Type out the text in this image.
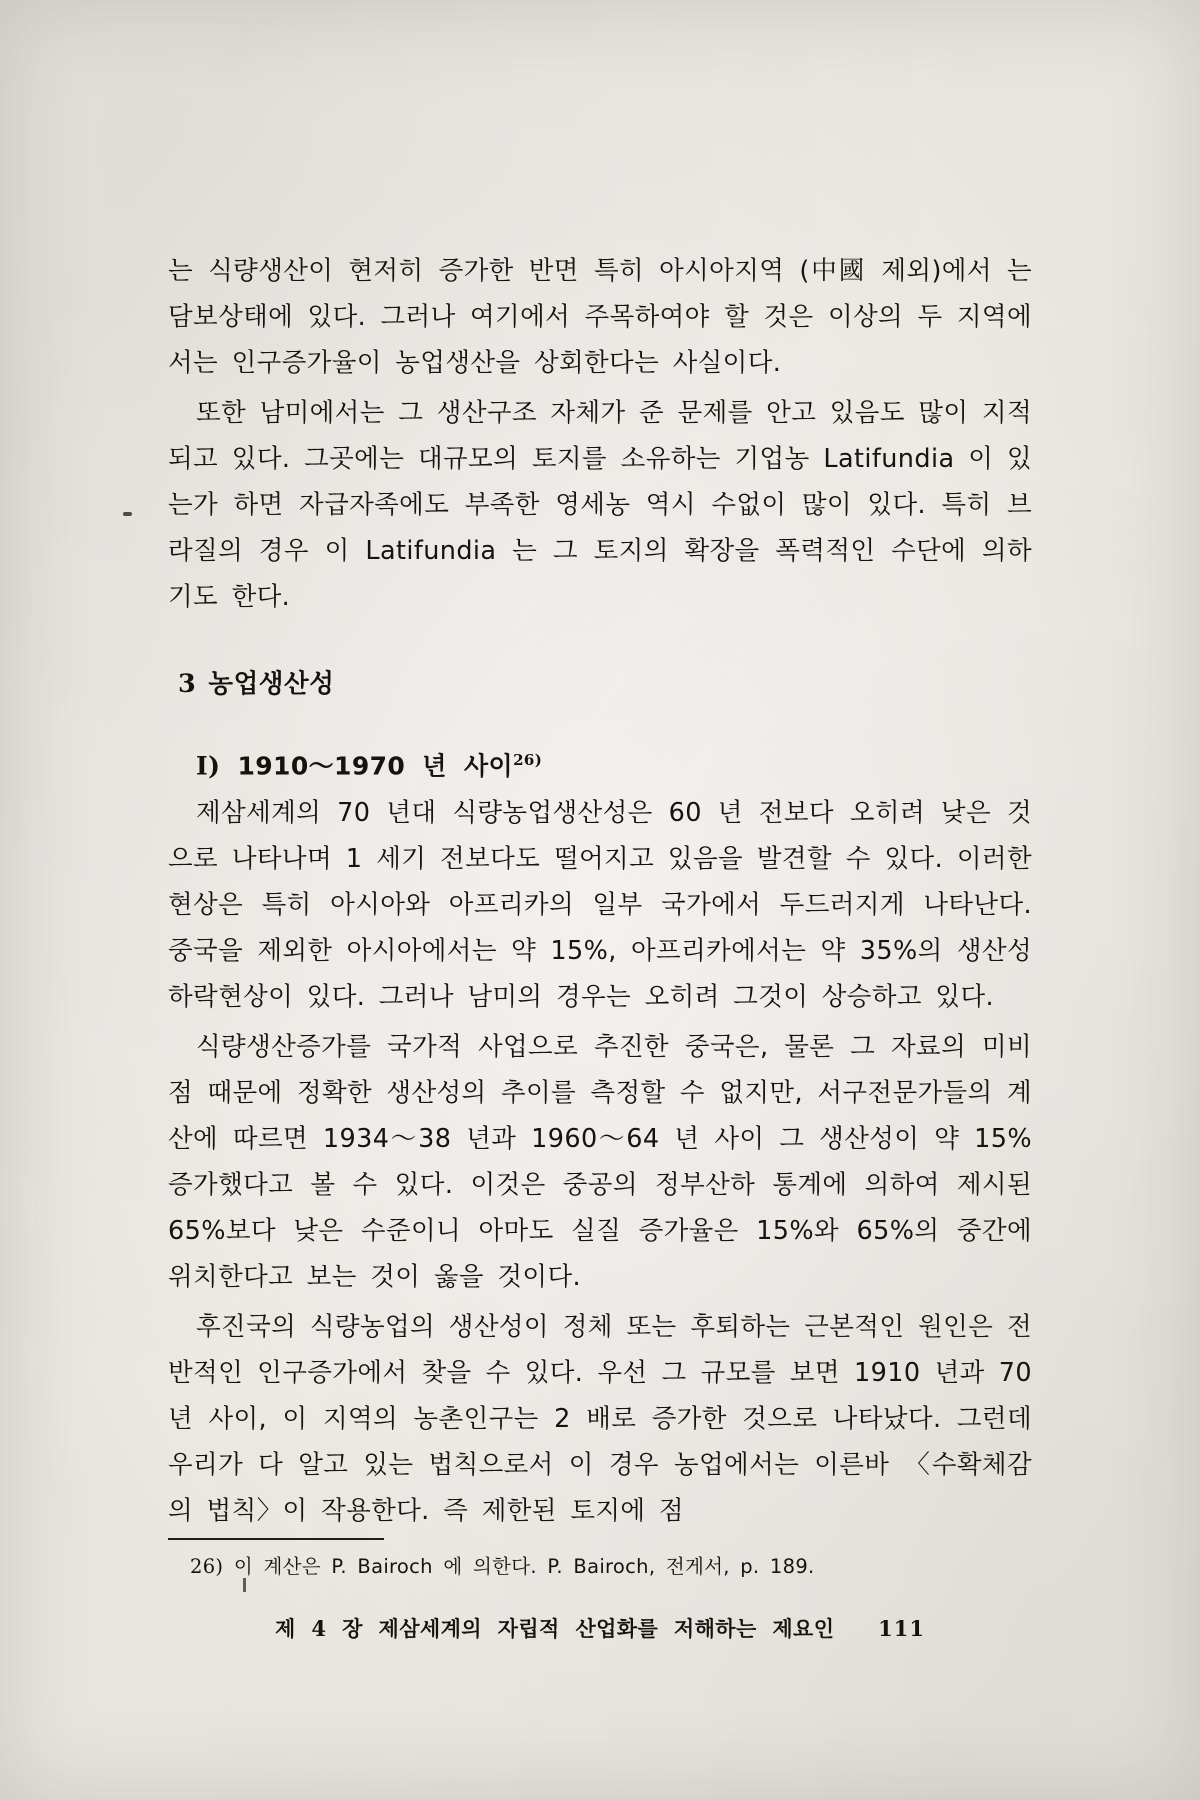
는 식량생산이 현저히 증가한 반면 특히 아시아지역 (中國 제외)에서 는 담보상태에 있다. 그러나 여기에서 주목하여야 할 것은 이상의 두 지역에서는 인구증가율이 농업생산을 상회한다는 사실이다.

또한 남미에서는 그 생산구조 자체가 준 문제를 안고 있음도 많이 지적되고 있다. 그곳에는 대규모의 토지를 소유하는 기업농 Latifundia 이 있는가 하면 자급자족에도 부족한 영세농 역시 수없이 많이 있다. 특히 브라질의 경우 이 Latifundia 는 그 토지의 확장을 폭력적인 수단에 의하기도 한다.

3 농업생산성
I) 1910〜1970 년 사이$^{26)}$

제삼세계의 70 년대 식량농업생산성은 60 년 전보다 오히려 낮은 것으로 나타나며 1 세기 전보다도 떨어지고 있음을 발견할 수 있다. 이러한 현상은 특히 아시아와 아프리카의 일부 국가에서 두드러지게 나타난다. 중국을 제외한 아시아에서는 약 15%, 아프리카에서는 약 35%의 생산성 하락현상이 있다. 그러나 남미의 경우는 오히려 그것이 상승하고 있다.

식량생산증가를 국가적 사업으로 추진한 중국은, 물론 그 자료의 미비점 때문에 정확한 생산성의 추이를 측정할 수 없지만, 서구전문가들의 계산에 따르면 1934〜38 년과 1960〜64 년 사이 그 생산성이 약 15% 증가했다고 볼 수 있다. 이것은 중공의 정부산하 통계에 의하여 제시된 65%보다 낮은 수준이니 아마도 실질 증가율은 15%와 65%의 중간에 위치한다고 보는 것이 옳을 것이다.

후진국의 식량농업의 생산성이 정체 또는 후퇴하는 근본적인 원인은 전반적인 인구증가에서 찾을 수 있다. 우선 그 규모를 보면 1910 년과 70 년 사이, 이 지역의 농촌인구는 2 배로 증가한 것으로 나타났다. 그런데 우리가 다 알고 있는 법칙으로서 이 경우 농업에서는 이른바 〈수확체감의 법칙〉이 작용한다. 즉 제한된 토지에 점

26) 이 계산은 P. Bairoch 에 의한다. P. Bairoch, 전게서, p. 189.
제 4 장 제삼세계의 자립적 산업화를 저해하는 제요인 111
